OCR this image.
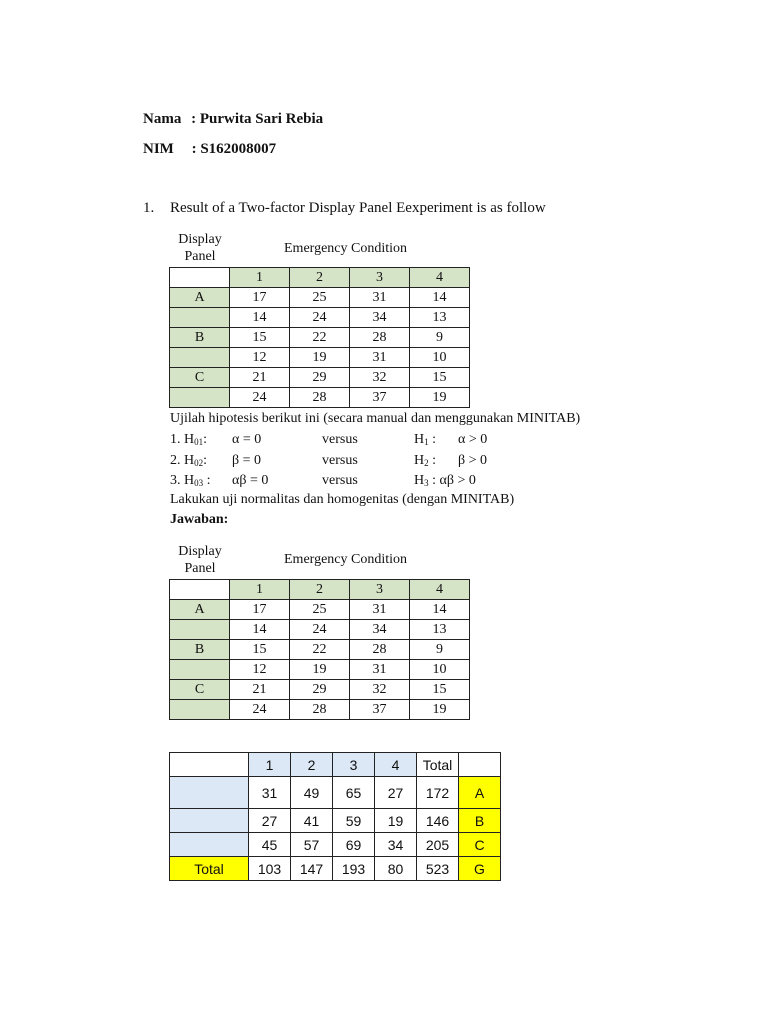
Nama : Purwita Sari Rebia
NIM : S162008007
1. Result of a Two-factor Display Panel Eexperiment is as follow
Display
Panel
Emergency Condition
	1	2	3	4
A	17	25	31	14
	14	24	34	13
B	15	22	28	9
	12	19	31	10
C	21	29	32	15
	24	28	37	19
Ujilah hipotesis berikut ini (secara manual dan menggunakan MINITAB)
1. $H_{01}$: α = 0	versus	$H_1$ : α > 0
2. $H_{02}$: β = 0	versus	$H_2$ : β > 0
3. $H_{03}$ : αβ = 0	versus	$H_3$ : αβ > 0
Lakukan uji normalitas dan homogenitas (dengan MINITAB)
Jawaban:
Display
Panel
Emergency Condition
	1	2	3	4
A	17	25	31	14
	14	24	34	13
B	15	22	28	9
	12	19	31	10
C	21	29	32	15
	24	28	37	19
	1	2	3	4	Total	
	31	49	65	27	172	A
	27	41	59	19	146	B
	45	57	69	34	205	C
Total	103	147	193	80	523	G
